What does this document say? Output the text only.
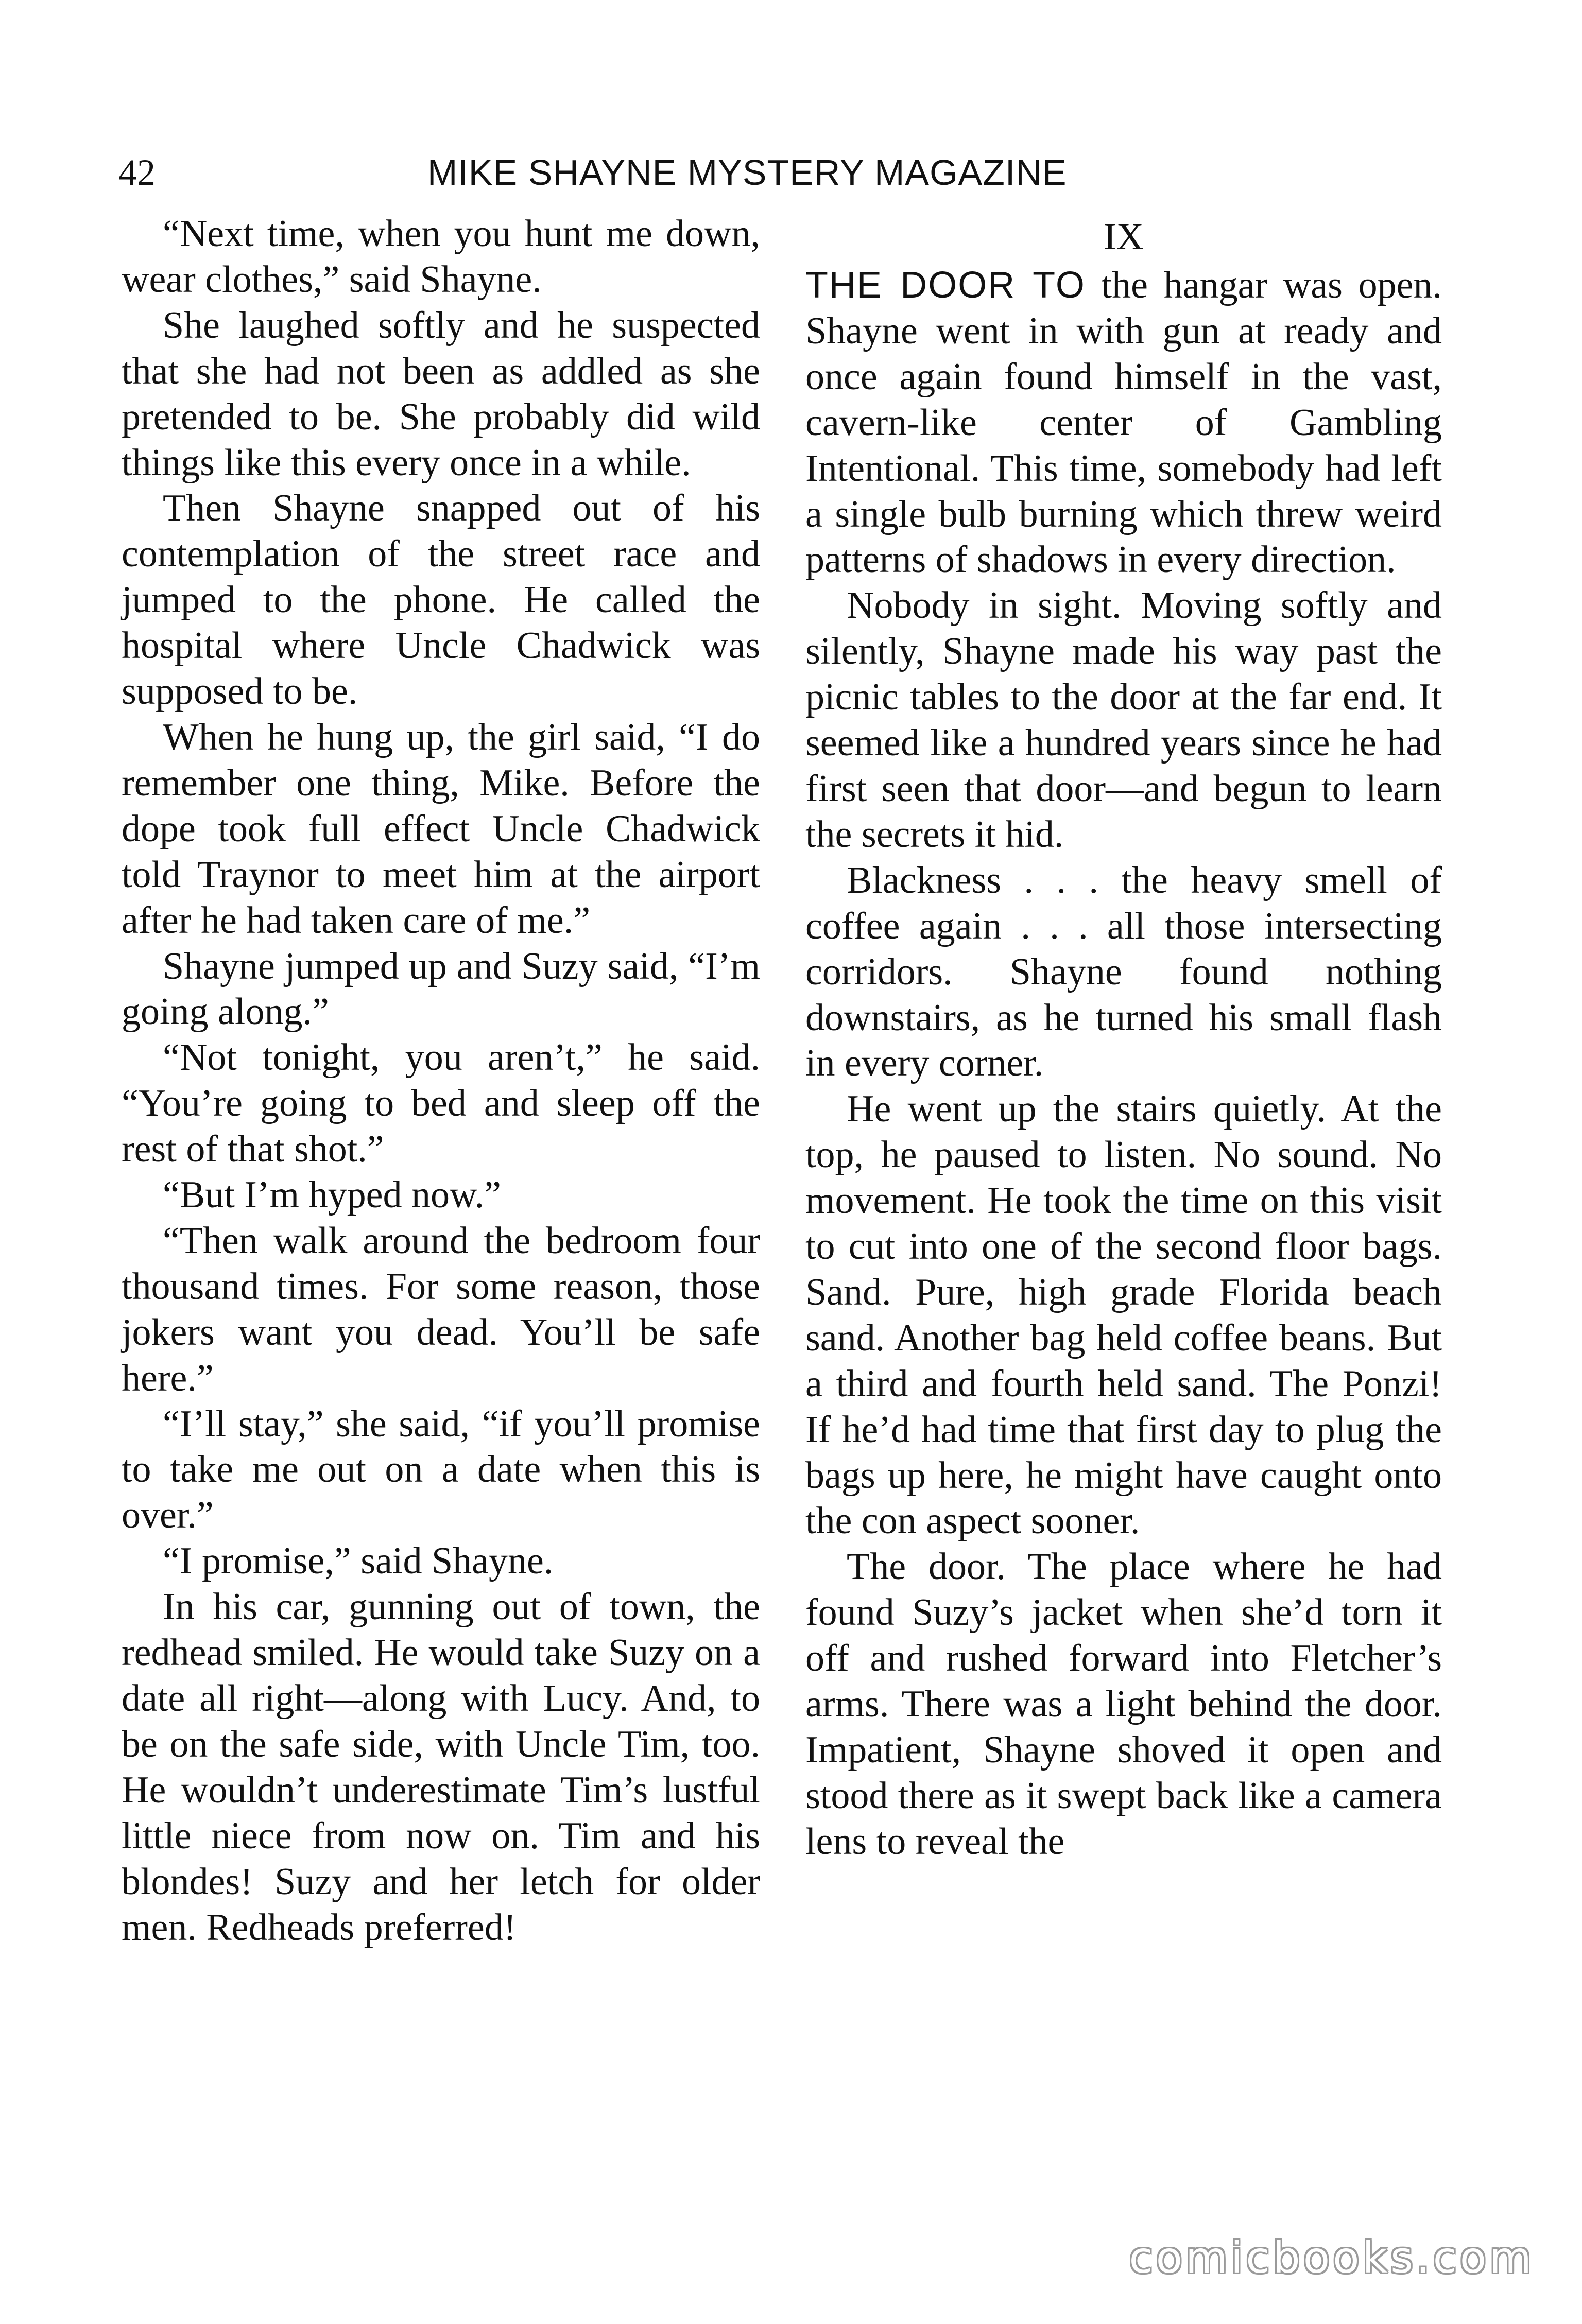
42	MIKE SHAYNE MYSTERY MAGAZINE

“Next time, when you hunt me down, wear clothes,” said Shayne.

She laughed softly and he suspected that she had not been as addled as she pretended to be. She probably did wild things like this every once in a while.

Then Shayne snapped out of his contemplation of the street race and jumped to the phone. He called the hospital where Uncle Chadwick was supposed to be.

When he hung up, the girl said, “I do remember one thing, Mike. Before the dope took full effect Uncle Chadwick told Traynor to meet him at the airport after he had taken care of me.”

Shayne jumped up and Suzy said, “I’m going along.”

“Not tonight, you aren’t,” he said. “You’re going to bed and sleep off the rest of that shot.”

“But I’m hyped now.”

“Then walk around the bedroom four thousand times. For some reason, those jokers want you dead. You’ll be safe here.”

“I’ll stay,” she said, “if you’ll promise to take me out on a date when this is over.”

“I promise,” said Shayne.

In his car, gunning out of town, the redhead smiled. He would take Suzy on a date all right—along with Lucy. And, to be on the safe side, with Uncle Tim, too. He wouldn’t underestimate Tim’s lustful little niece from now on. Tim and his blondes! Suzy and her letch for older men. Redheads preferred!

IX

THE DOOR TO the hangar was open. Shayne went in with gun at ready and once again found himself in the vast, cavern-like center of Gambling Intentional. This time, somebody had left a single bulb burning which threw weird patterns of shadows in every direction.

Nobody in sight. Moving softly and silently, Shayne made his way past the picnic tables to the door at the far end. It seemed like a hundred years since he had first seen that door—and begun to learn the secrets it hid.

Blackness . . . the heavy smell of coffee again . . . all those intersecting corridors. Shayne found nothing downstairs, as he turned his small flash in every corner.

He went up the stairs quietly. At the top, he paused to listen. No sound. No movement. He took the time on this visit to cut into one of the second floor bags. Sand. Pure, high grade Florida beach sand. Another bag held coffee beans. But a third and fourth held sand. The Ponzi! If he’d had time that first day to plug the bags up here, he might have caught onto the con aspect sooner.

The door. The place where he had found Suzy’s jacket when she’d torn it off and rushed forward into Fletcher’s arms. There was a light behind the door. Impatient, Shayne shoved it open and stood there as it swept back like a camera lens to reveal the

comicbooks.com
